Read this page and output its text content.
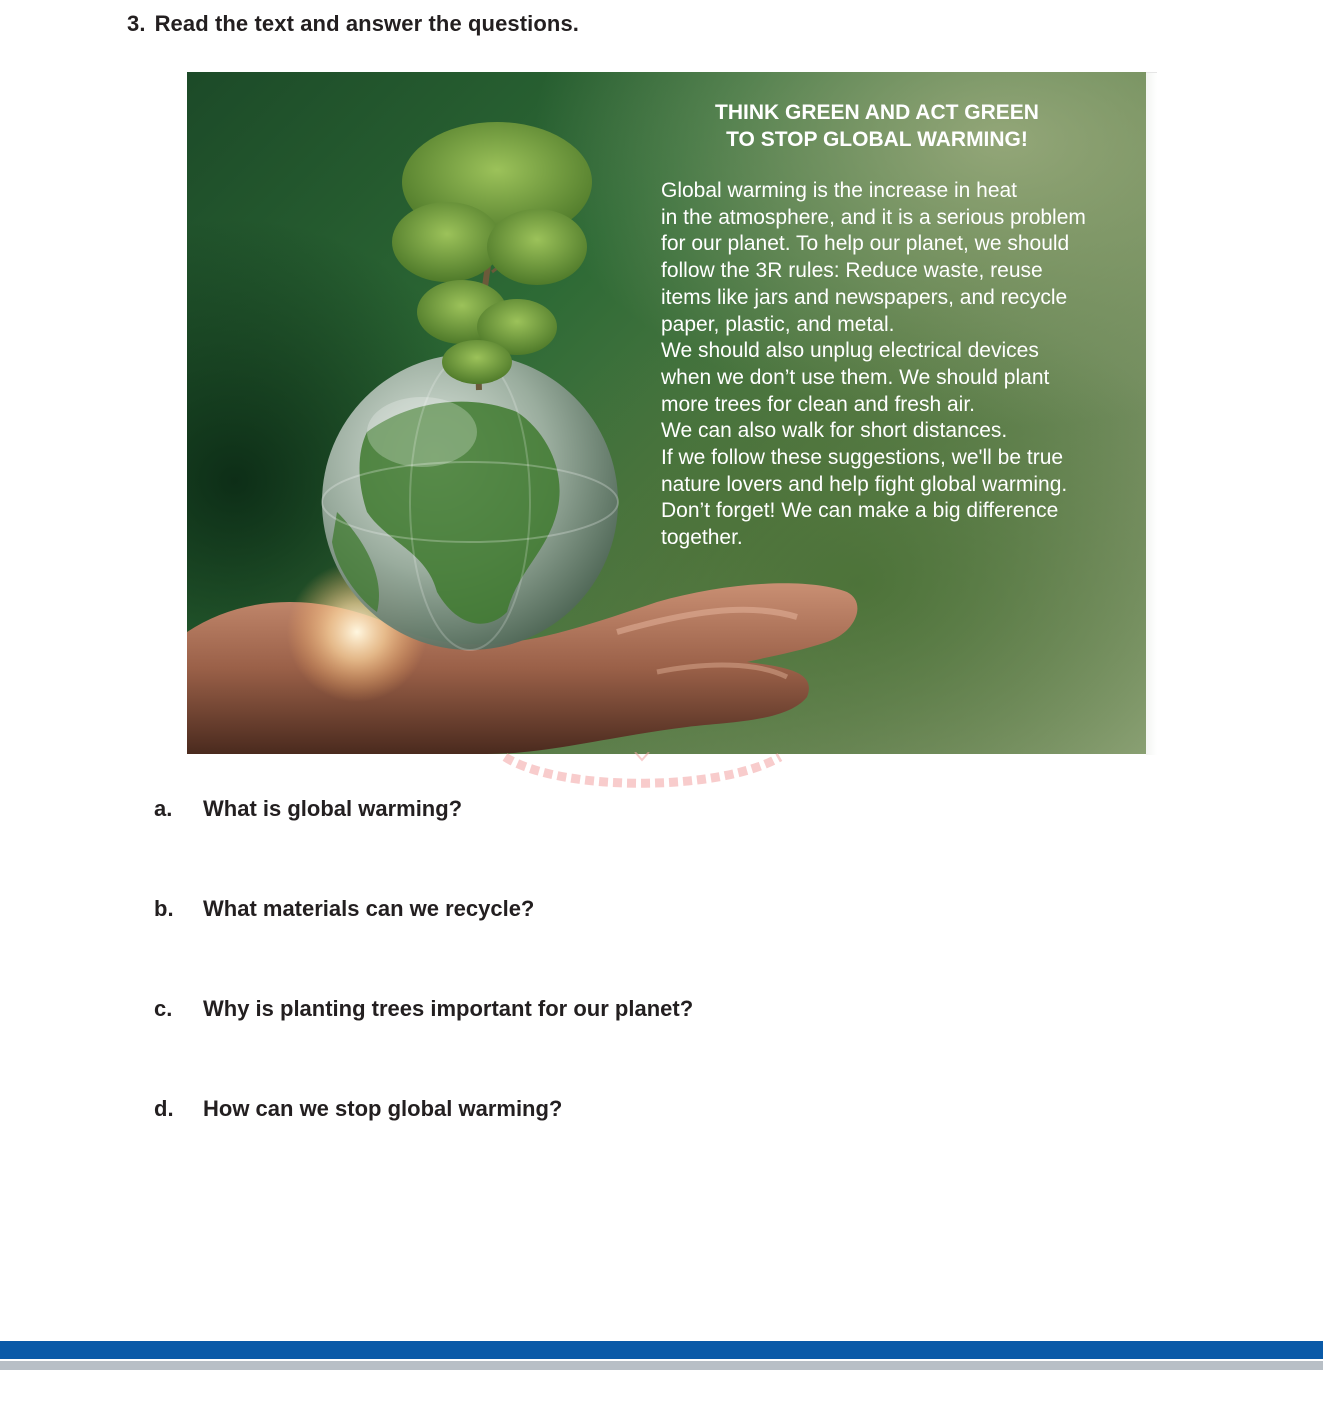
3. Read the text and answer the questions.
THINK GREEN AND ACT GREEN
TO STOP GLOBAL WARMING!
Global warming is the increase in heat
in the atmosphere, and it is a serious problem
for our planet. To help our planet, we should
follow the 3R rules: Reduce waste, reuse
items like jars and newspapers, and recycle
paper, plastic, and metal.
We should also unplug electrical devices
when we don’t use them. We should plant
more trees for clean and fresh air.
We can also walk for short distances.
If we follow these suggestions, we'll be true
nature lovers and help fight global warming.
Don’t forget! We can make a big difference
together.

a. What is global warming?

b. What materials can we recycle?

c. Why is planting trees important for our planet?

d. How can we stop global warming?
